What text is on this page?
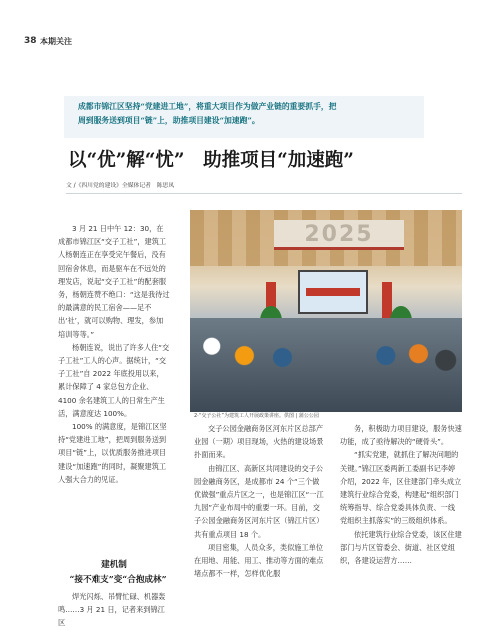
38 本期关注
成都市锦江区坚持“党建进工地”，将重大项目作为做产业链的重要抓手，把
周到服务送到项目“链”上，助推项目建设“加速跑”。
以“优”解“忧”　助推项目“加速跑”
文 /《四川党的建设》全媒体记者　陈思凤

3 月 21 日中午 12：30，在成都市锦江区“交子工社”，建筑工人杨朝连正在享受完午餐后，没有回宿舍休息，而是驱车在不远处的理发店，说起“交子工社”的配套服务，杨朝连赞不绝口：“这是我待过的最满意的民工宿舍——足不出‘社’，就可以购物、理发，参加培训等等。”

杨朝连说，说出了许多人住“交子工社”工人的心声。据统计，“交子工社”自 2022 年底投用以来，累计保障了 4 家总包方企业、4100 余名建筑工人的日常生产生活，满意度达 100%。

100% 的满意度，是锦江区坚持“党建进工地”，把周到服务送到项目“链”上，以优质服务推进项目建设“加速跑”的同时，凝聚建筑工人强大合力的见证。

2025
2·“交子公社”为建筑工人开展政策讲座。供图 | 蒲公公园

交子公园金融商务区河东片区总部产业园（一期）项目现场，火热的建设场景扑面而来。

由锦江区、高新区共同建设的交子公园金融商务区，是成都市 24 个“三个做优做强”重点片区之一，也是锦江区“一江九园”产业布局中的重要一环。目前，交子公园金融商务区河东片区（锦江片区）共有重点项目 18 个。

项目密集，人员众多，类似施工单位在用地、用能、用工、推动等方面的难点堵点都不一样，怎样优化服

务，积极助力项目建设，服务快速功能，成了亟待解决的“硬骨头”。

“抓实党建，就抓住了解决问题的关键。”锦江区委两新工委副书记李婷介绍，2022 年，区住建部门牵头成立建筑行业综合党委，构建起“组织部门统筹指导、综合党委具体负责、一线党组织主抓落实”的三级组织体系。

依托建筑行业综合党委，该区住建部门与片区管委会、街道、社区党组织，各建设运营方……

建机制
“接不难支”变“合抱成林”

焊光闪烁、吊臂忙碌、机器轰鸣……3 月 21 日，记者来到锦江区
